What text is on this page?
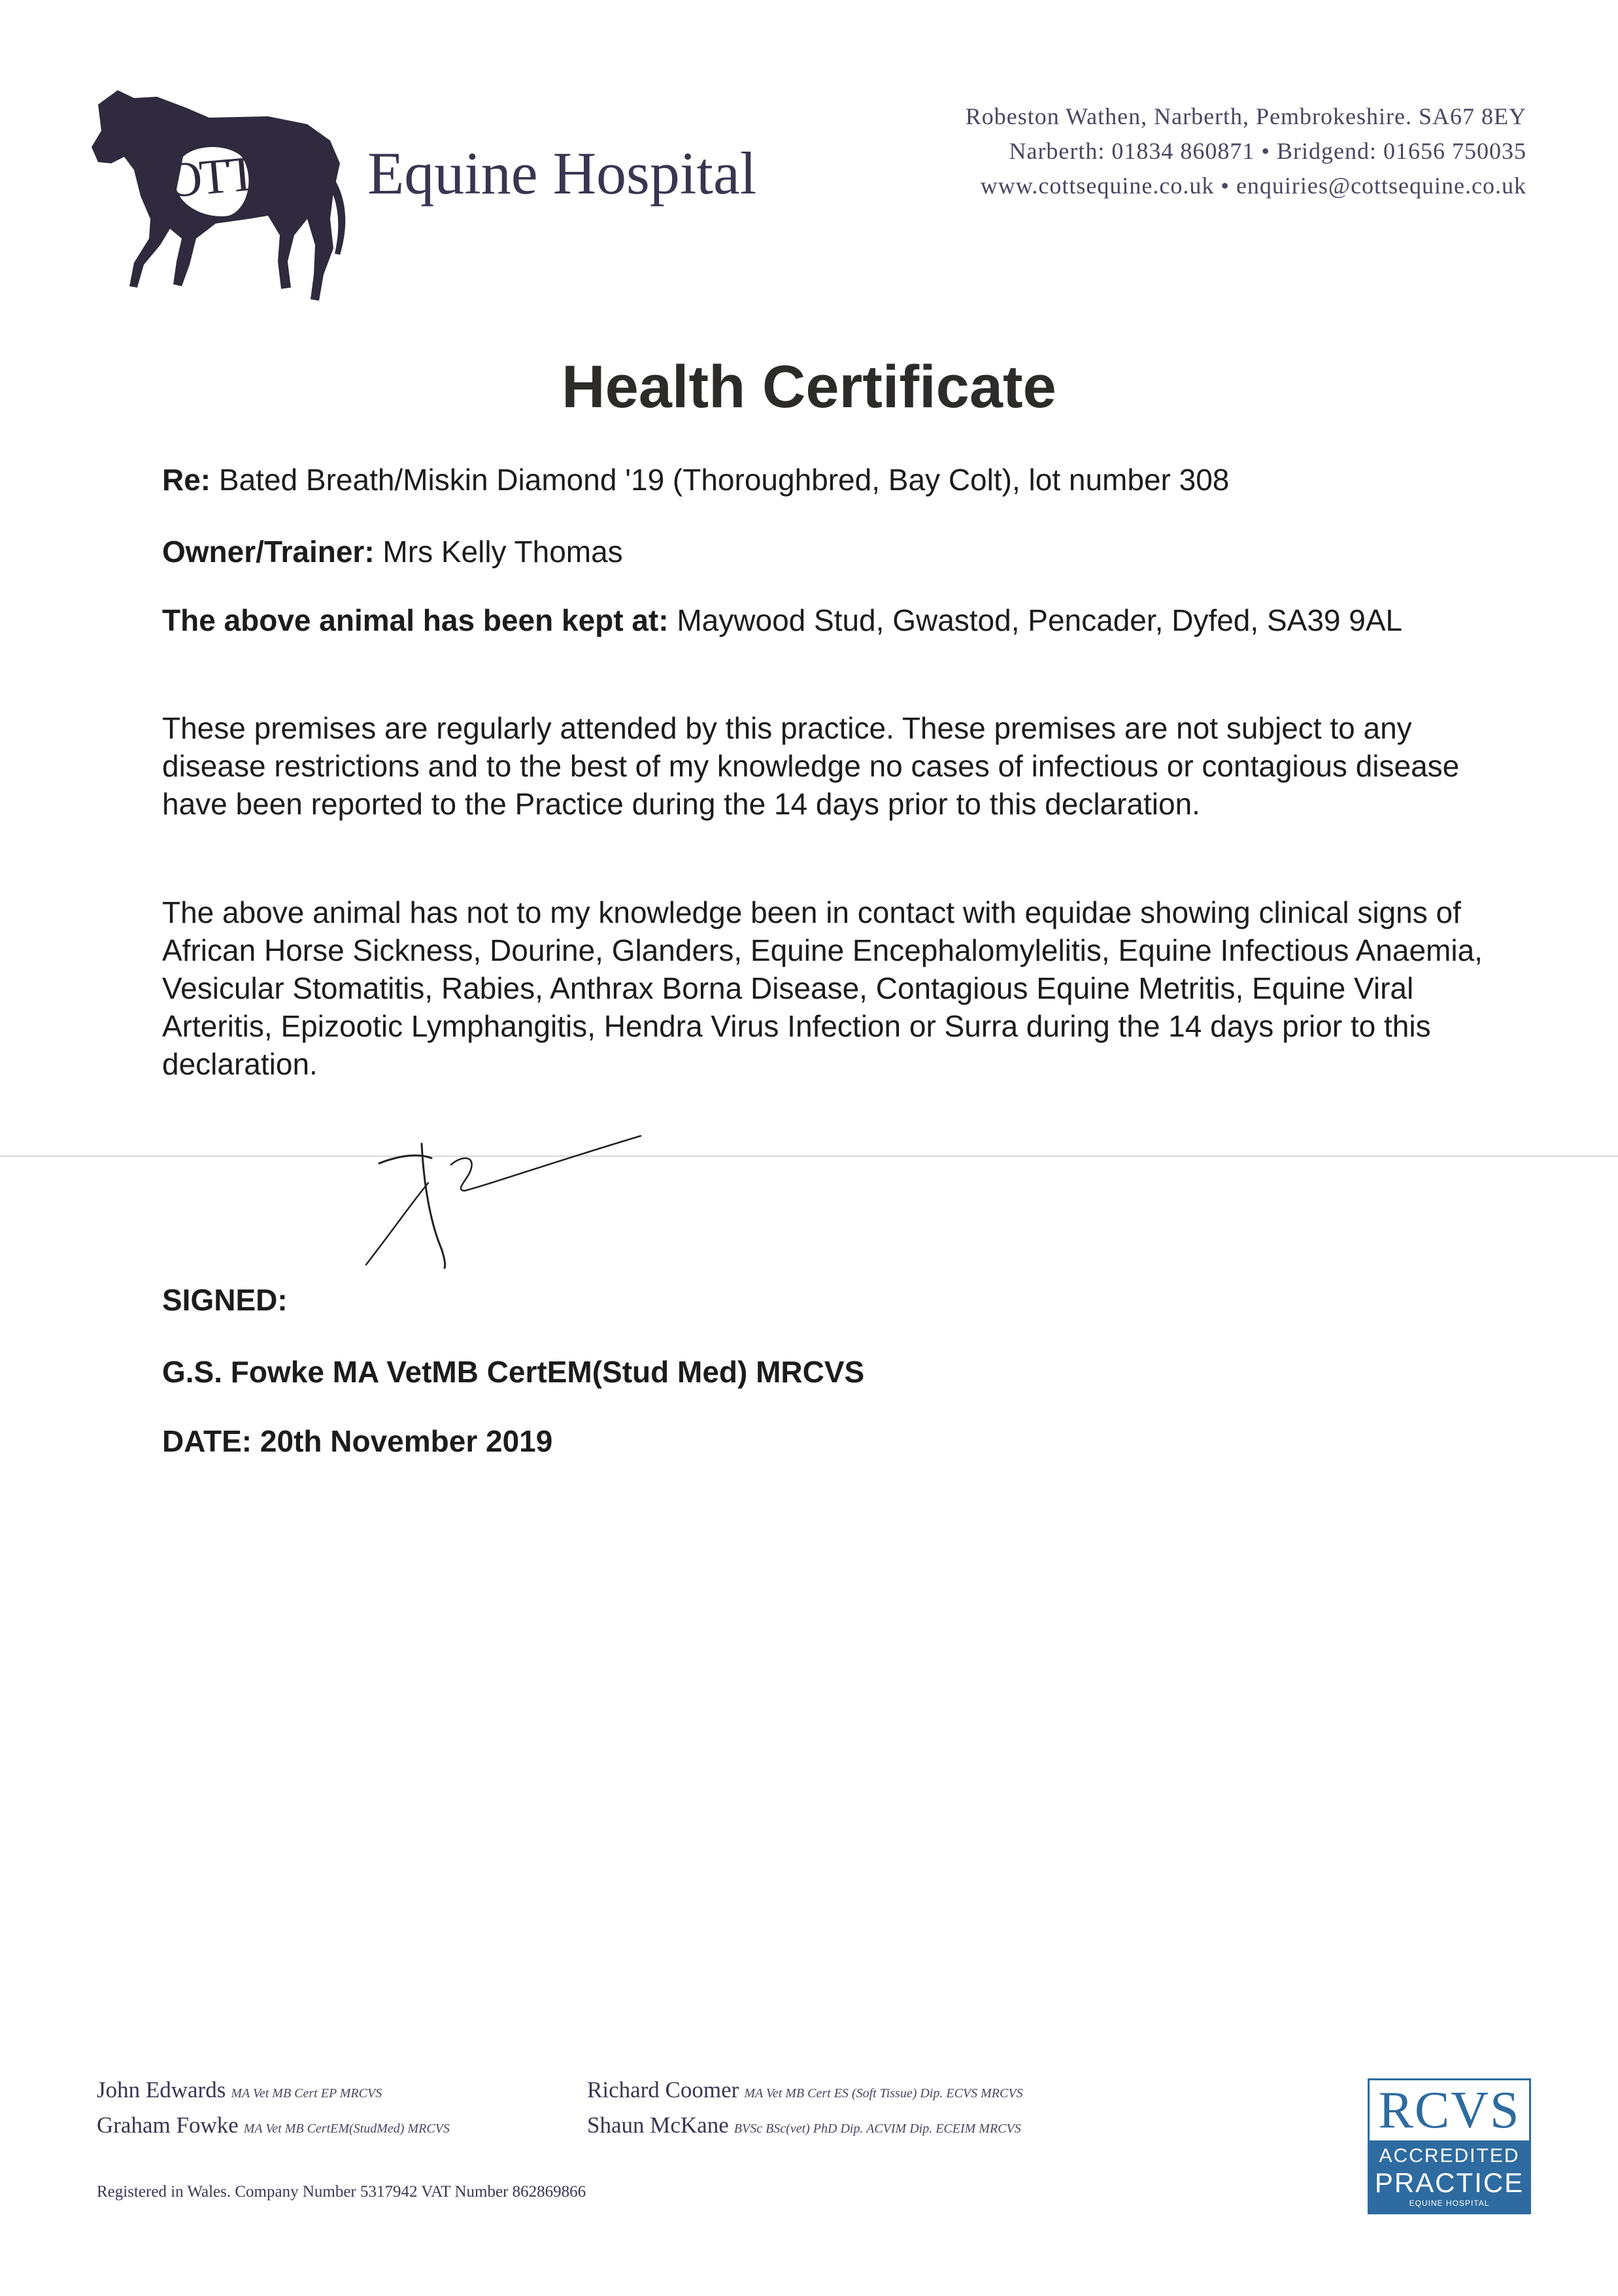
COTTS Equine Hospital
Robeston Wathen, Narberth, Pembrokeshire. SA67 8EY
Narberth: 01834 860871 • Bridgend: 01656 750035
www.cottsequine.co.uk • enquiries@cottsequine.co.uk
Health Certificate
Re: Bated Breath/Miskin Diamond '19 (Thoroughbred, Bay Colt), lot number 308
Owner/Trainer: Mrs Kelly Thomas
The above animal has been kept at: Maywood Stud, Gwastod, Pencader, Dyfed, SA39 9AL
These premises are regularly attended by this practice. These premises are not subject to any disease restrictions and to the best of my knowledge no cases of infectious or contagious disease have been reported to the Practice during the 14 days prior to this declaration.
The above animal has not to my knowledge been in contact with equidae showing clinical signs of African Horse Sickness, Dourine, Glanders, Equine Encephalomylelitis, Equine Infectious Anaemia, Vesicular Stomatitis, Rabies, Anthrax Borna Disease, Contagious Equine Metritis, Equine Viral Arteritis, Epizootic Lymphangitis, Hendra Virus Infection or Surra during the 14 days prior to this declaration.
SIGNED:
G.S. Fowke MA VetMB CertEM(Stud Med) MRCVS
DATE: 20th November 2019
John Edwards MA Vet MB Cert EP MRCVS
Graham Fowke MA Vet MB CertEM(StudMed) MRCVS
Richard Coomer MA Vet MB Cert ES (Soft Tissue) Dip. ECVS MRCVS
Shaun McKane BVSc BSc(vet) PhD Dip. ACVIM Dip. ECEIM MRCVS
Registered in Wales. Company Number 5317942 VAT Number 862869866
RCVS
ACCREDITED
PRACTICE
EQUINE HOSPITAL
